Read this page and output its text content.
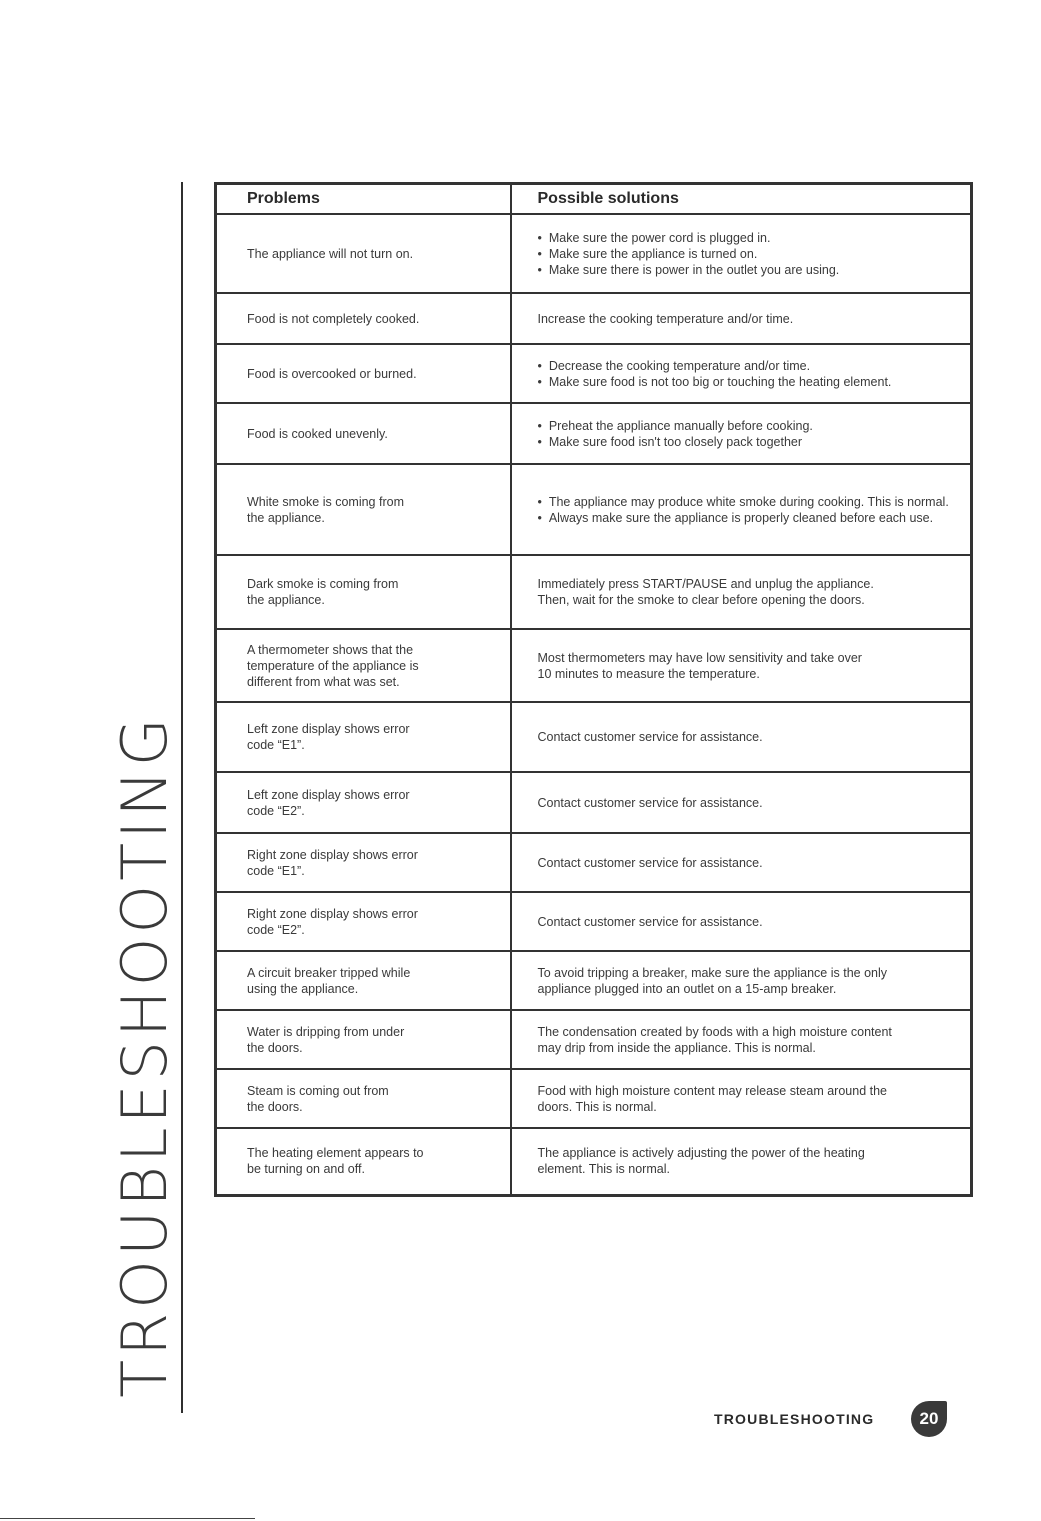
TROUBLESHOOTING
Problems	Possible solutions

The appliance will not turn on.	•  Make sure the power cord is plugged in.
•  Make sure the appliance is turned on.
•  Make sure there is power in the outlet you are using.

Food is not completely cooked.	Increase the cooking temperature and/or time.

Food is overcooked or burned.	•  Decrease the cooking temperature and/or time.
•  Make sure food is not too big or touching the heating element.

Food is cooked unevenly.	•  Preheat the appliance manually before cooking.
•  Make sure food isn't too closely pack together

White smoke is coming from
the appliance.	•  The appliance may produce white smoke during cooking. This is normal.
•  Always make sure the appliance is properly cleaned before each use.

Dark smoke is coming from
the appliance.	Immediately press START/PAUSE and unplug the appliance.
Then, wait for the smoke to clear before opening the doors.

A thermometer shows that the
temperature of the appliance is
different from what was set.	Most thermometers may have low sensitivity and take over
10 minutes to measure the temperature.

Left zone display shows error
code “E1”.	Contact customer service for assistance.

Left zone display shows error
code “E2”.	Contact customer service for assistance.

Right zone display shows error
code “E1”.	Contact customer service for assistance.

Right zone display shows error
code “E2”.	Contact customer service for assistance.

A circuit breaker tripped while
using the appliance.	To avoid tripping a breaker, make sure the appliance is the only
appliance plugged into an outlet on a 15-amp breaker.

Water is dripping from under
the doors.	The condensation created by foods with a high moisture content
may drip from inside the appliance. This is normal.

Steam is coming out from
the doors.	Food with high moisture content may release steam around the
doors. This is normal.

The heating element appears to
be turning on and off.	The appliance is actively adjusting the power of the heating
element. This is normal.
TROUBLESHOOTING	20
